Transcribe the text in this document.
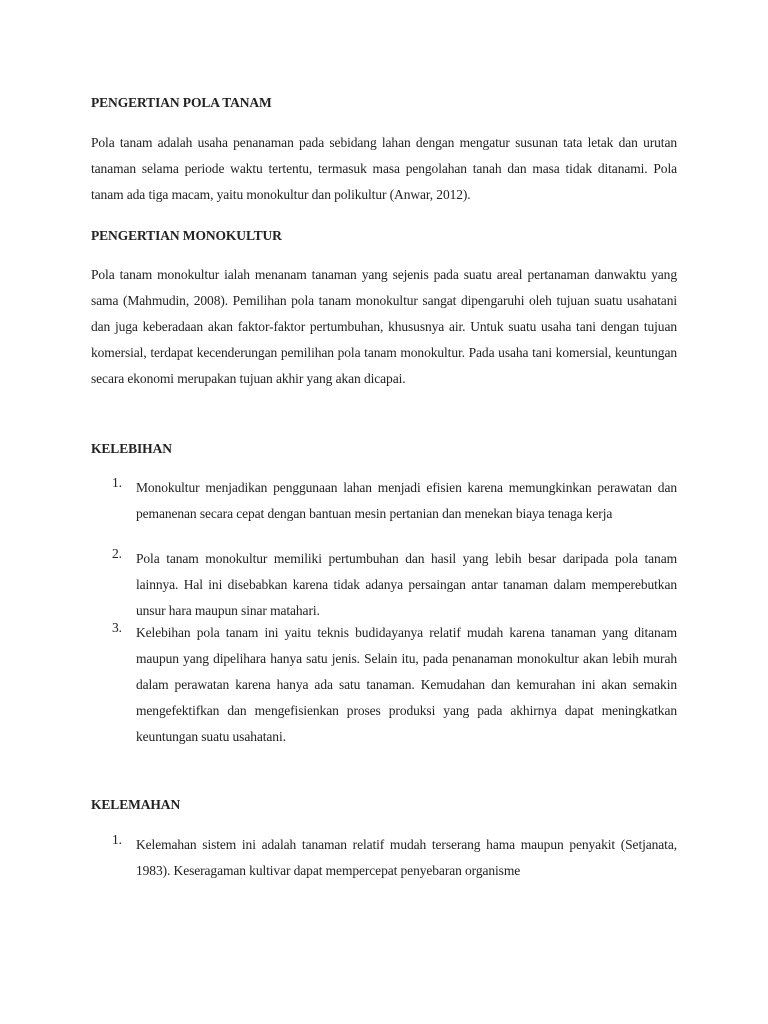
PENGERTIAN POLA TANAM

Pola tanam adalah usaha penanaman pada sebidang lahan dengan mengatur susunan tata letak dan urutan tanaman selama periode waktu tertentu, termasuk masa pengolahan tanah dan masa tidak ditanami. Pola tanam ada tiga macam, yaitu monokultur dan polikultur (Anwar, 2012).

PENGERTIAN MONOKULTUR

Pola tanam monokultur ialah menanam tanaman yang sejenis pada suatu areal pertanaman danwaktu yang sama (Mahmudin, 2008). Pemilihan pola tanam monokultur sangat dipengaruhi oleh tujuan suatu usahatani dan juga keberadaan akan faktor-faktor pertumbuhan, khususnya air. Untuk suatu usaha tani dengan tujuan komersial, terdapat kecenderungan pemilihan pola tanam monokultur. Pada usaha tani komersial, keuntungan secara ekonomi merupakan tujuan akhir yang akan dicapai.

KELEBIHAN

1.	Monokultur menjadikan penggunaan lahan menjadi efisien karena memungkinkan perawatan dan pemanenan secara cepat dengan bantuan mesin pertanian dan menekan biaya tenaga kerja
2.	Pola tanam monokultur memiliki pertumbuhan dan hasil yang lebih besar daripada pola tanam lainnya. Hal ini disebabkan karena tidak adanya persaingan antar tanaman dalam memperebutkan unsur hara maupun sinar matahari.
3.	Kelebihan pola tanam ini yaitu teknis budidayanya relatif mudah karena tanaman yang ditanam maupun yang dipelihara hanya satu jenis. Selain itu, pada penanaman monokultur akan lebih murah dalam perawatan karena hanya ada satu tanaman. Kemudahan dan kemurahan ini akan semakin mengefektifkan dan mengefisienkan proses produksi yang pada akhirnya dapat meningkatkan keuntungan suatu usahatani.

KELEMAHAN

1.	Kelemahan sistem ini adalah tanaman relatif mudah terserang hama maupun penyakit (Setjanata, 1983). Keseragaman kultivar dapat mempercepat penyebaran organisme
